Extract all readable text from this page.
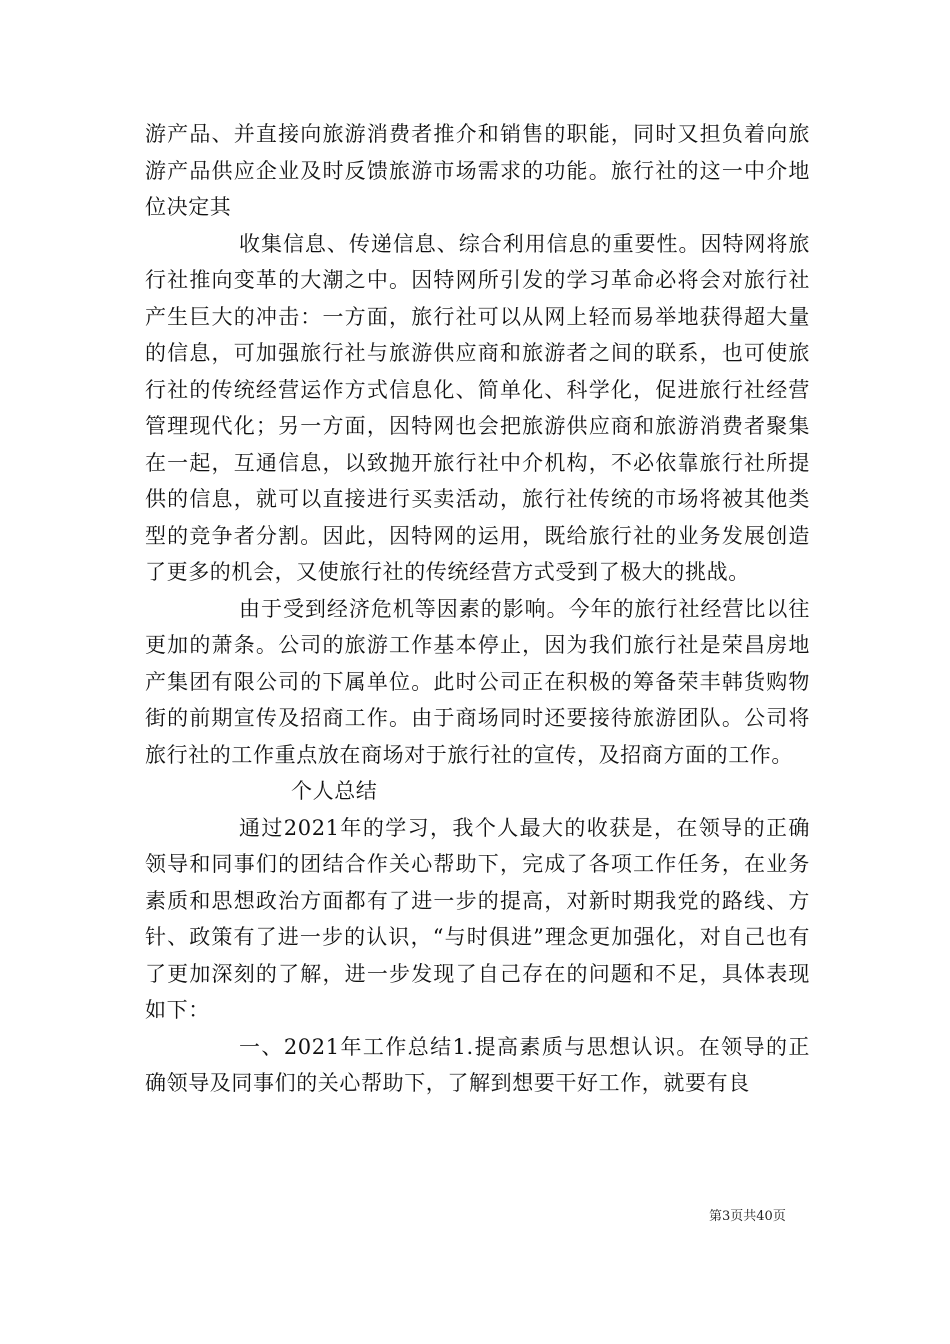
游产品、并直接向旅游消费者推介和销售的职能，同时又担负着向旅游产品供应企业及时反馈旅游市场需求的功能。旅行社的这一中介地位决定其

收集信息、传递信息、综合利用信息的重要性。因特网将旅行社推向变革的大潮之中。因特网所引发的学习革命必将会对旅行社产生巨大的冲击：一方面，旅行社可以从网上轻而易举地获得超大量的信息，可加强旅行社与旅游供应商和旅游者之间的联系，也可使旅行社的传统经营运作方式信息化、简单化、科学化，促进旅行社经营管理现代化；另一方面，因特网也会把旅游供应商和旅游消费者聚集在一起，互通信息，以致抛开旅行社中介机构，不必依靠旅行社所提供的信息，就可以直接进行买卖活动，旅行社传统的市场将被其他类型的竞争者分割。因此，因特网的运用，既给旅行社的业务发展创造了更多的机会，又使旅行社的传统经营方式受到了极大的挑战。

由于受到经济危机等因素的影响。今年的旅行社经营比以往更加的萧条。公司的旅游工作基本停止，因为我们旅行社是荣昌房地产集团有限公司的下属单位。此时公司正在积极的筹备荣丰韩货购物街的前期宣传及招商工作。由于商场同时还要接待旅游团队。公司将旅行社的工作重点放在商场对于旅行社的宣传，及招商方面的工作。

个人总结

通过2021年的学习，我个人最大的收获是，在领导的正确领导和同事们的团结合作关心帮助下，完成了各项工作任务，在业务素质和思想政治方面都有了进一步的提高，对新时期我党的路线、方针、政策有了进一步的认识，“与时俱进”理念更加强化，对自己也有了更加深刻的了解，进一步发现了自己存在的问题和不足，具体表现如下：

一、2021年工作总结1.提高素质与思想认识。在领导的正确领导及同事们的关心帮助下，了解到想要干好工作，就要有良

第3页共40页
